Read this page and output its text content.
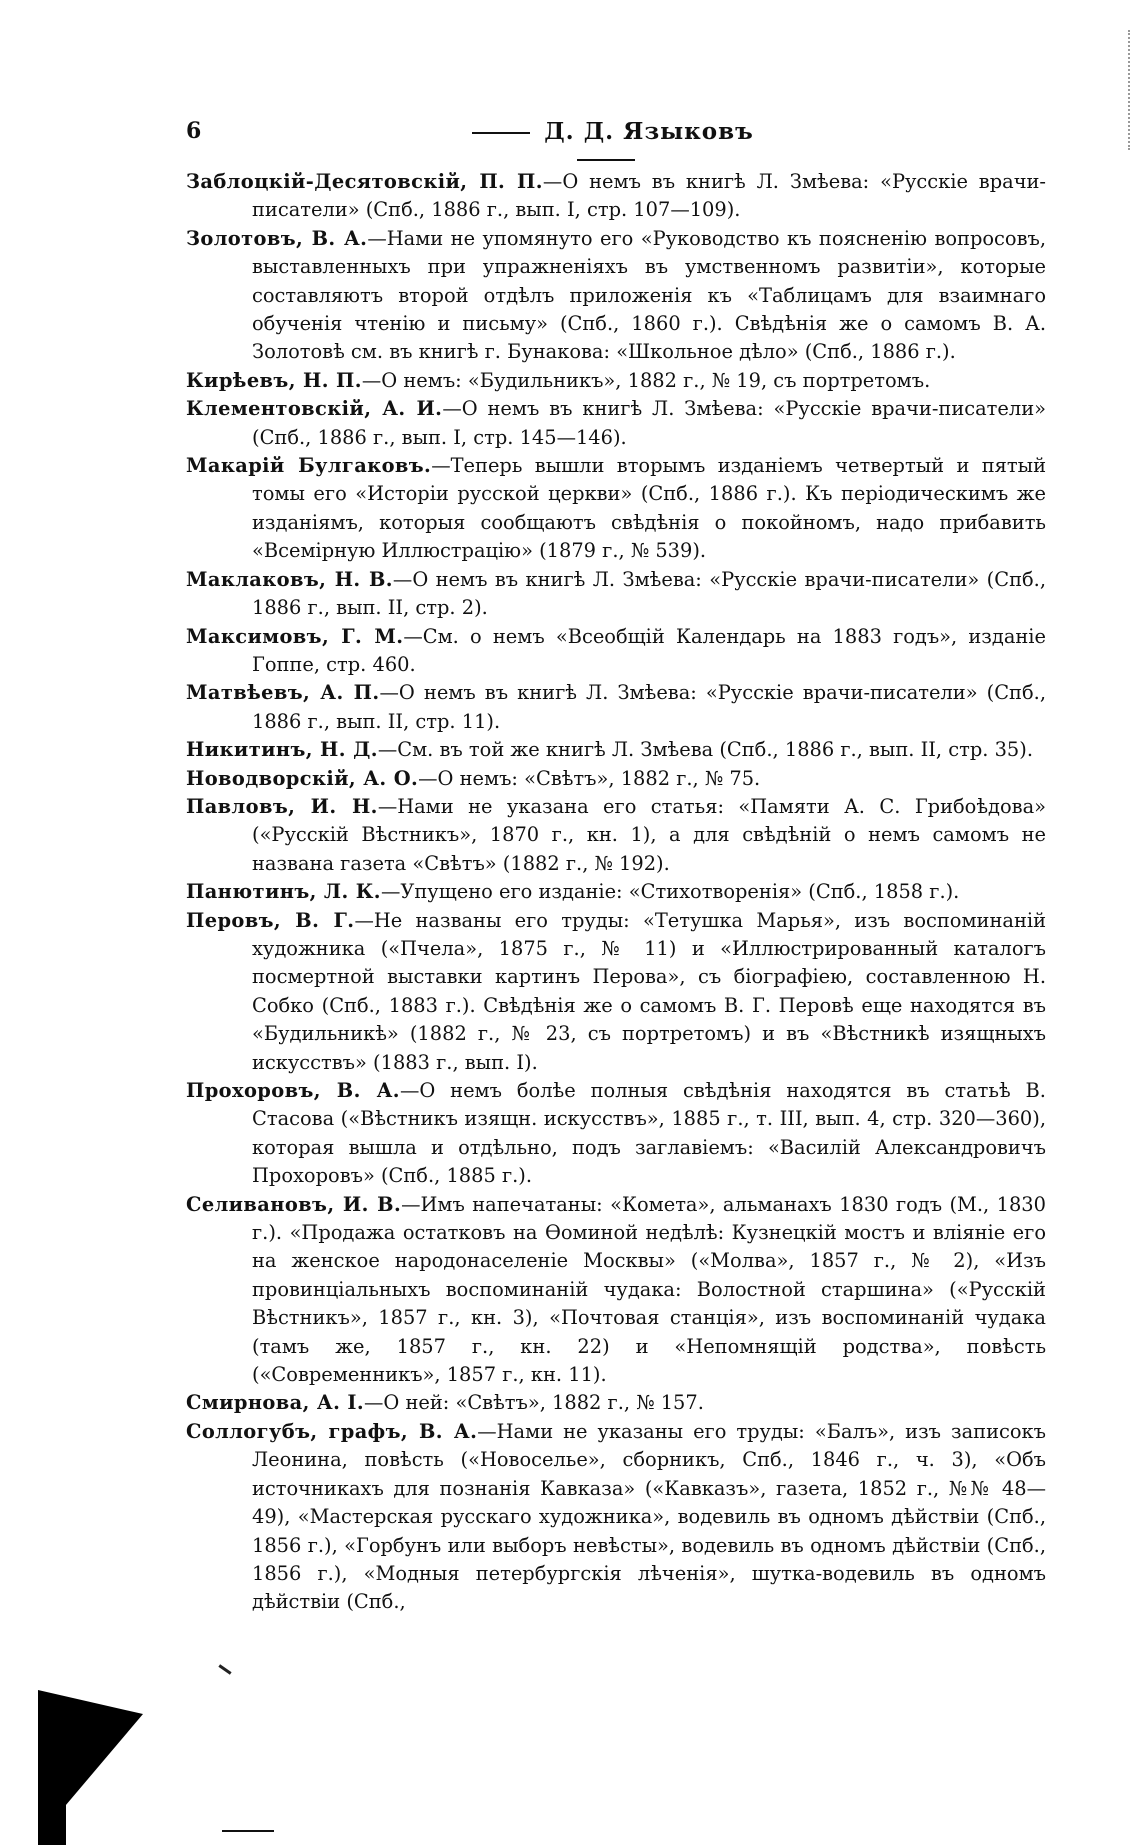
6	Д. Д. Языковъ

Заблоцкій-Десятовскій, П. П.—О немъ въ книгѣ Л. Змѣева: «Русскіе врачи-писатели» (Спб., 1886 г., вып. I, стр. 107—109).

Золотовъ, В. А.—Нами не упомянуто его «Руководство къ поясненію вопросовъ, выставленныхъ при упражненіяхъ въ умственномъ развитіи», которые составляютъ второй отдѣлъ приложенія къ «Таблицамъ для взаимнаго обученія чтенію и письму» (Спб., 1860 г.). Свѣдѣнія же о самомъ В. А. Золотовѣ см. въ книгѣ г. Бунакова: «Школьное дѣло» (Спб., 1886 г.).

Кирѣевъ, Н. П.—О немъ: «Будильникъ», 1882 г., № 19, съ портретомъ.

Клементовскій, А. И.—О немъ въ книгѣ Л. Змѣева: «Русскіе врачи-писатели» (Спб., 1886 г., вып. I, стр. 145—146).

Макарій Булгаковъ.—Теперь вышли вторымъ изданіемъ четвертый и пятый томы его «Исторіи русской церкви» (Спб., 1886 г.). Къ періодическимъ же изданіямъ, которыя сообщаютъ свѣдѣнія о покойномъ, надо прибавить «Всемірную Иллюстрацію» (1879 г., № 539).

Маклаковъ, Н. В.—О немъ въ книгѣ Л. Змѣева: «Русскіе врачи-писатели» (Спб., 1886 г., вып. II, стр. 2).

Максимовъ, Г. М.—См. о немъ «Всеобщій Календарь на 1883 годъ», изданіе Гоппе, стр. 460.

Матвѣевъ, А. П.—О немъ въ книгѣ Л. Змѣева: «Русскіе врачи-писатели» (Спб., 1886 г., вып. II, стр. 11).

Никитинъ, Н. Д.—См. въ той же книгѣ Л. Змѣева (Спб., 1886 г., вып. II, стр. 35).

Новодворскій, А. О.—О немъ: «Свѣтъ», 1882 г., № 75.

Павловъ, И. Н.—Нами не указана его статья: «Памяти А. С. Грибоѣдова» («Русскій Вѣстникъ», 1870 г., кн. 1), а для свѣдѣній о немъ самомъ не названа газета «Свѣтъ» (1882 г., № 192).

Панютинъ, Л. К.—Упущено его изданіе: «Стихотворенія» (Спб., 1858 г.).

Перовъ, В. Г.—Не названы его труды: «Тетушка Марья», изъ воспоминаній художника («Пчела», 1875 г., № 11) и «Иллюстрированный каталогъ посмертной выставки картинъ Перова», съ біографіею, составленною Н. Собко (Спб., 1883 г.). Свѣдѣнія же о самомъ В. Г. Перовѣ еще находятся въ «Будильникѣ» (1882 г., № 23, съ портретомъ) и въ «Вѣстникѣ изящныхъ искусствъ» (1883 г., вып. I).

Прохоровъ, В. А.—О немъ болѣе полныя свѣдѣнія находятся въ статьѣ В. Стасова («Вѣстникъ изящн. искусствъ», 1885 г., т. III, вып. 4, стр. 320—360), которая вышла и отдѣльно, подъ заглавіемъ: «Василій Александровичъ Прохоровъ» (Спб., 1885 г.).

Селивановъ, И. В.—Имъ напечатаны: «Комета», альманахъ 1830 годъ (М., 1830 г.). «Продажа остатковъ на Ѳоминой недѣлѣ: Кузнецкій мостъ и вліяніе его на женское народонаселеніе Москвы» («Молва», 1857 г., № 2), «Изъ провинціальныхъ воспоминаній чудака: Волостной старшина» («Русскій Вѣстникъ», 1857 г., кн. 3), «Почтовая станція», изъ воспоминаній чудака (тамъ же, 1857 г., кн. 22) и «Непомнящій родства», повѣсть («Современникъ», 1857 г., кн. 11).

Смирнова, А. І.—О ней: «Свѣтъ», 1882 г., № 157.

Соллогубъ, графъ, В. А.—Нами не указаны его труды: «Балъ», изъ записокъ Леонина, повѣсть («Новоселье», сборникъ, Спб., 1846 г., ч. 3), «Объ источникахъ для познанія Кавказа» («Кавказъ», газета, 1852 г., №№ 48—49), «Мастерская русскаго художника», водевиль въ одномъ дѣйствіи (Спб., 1856 г.), «Горбунъ или выборъ невѣсты», водевиль въ одномъ дѣйствіи (Спб., 1856 г.), «Модныя петербургскія лѣченія», шутка-водевиль въ одномъ дѣйствіи (Спб.,
